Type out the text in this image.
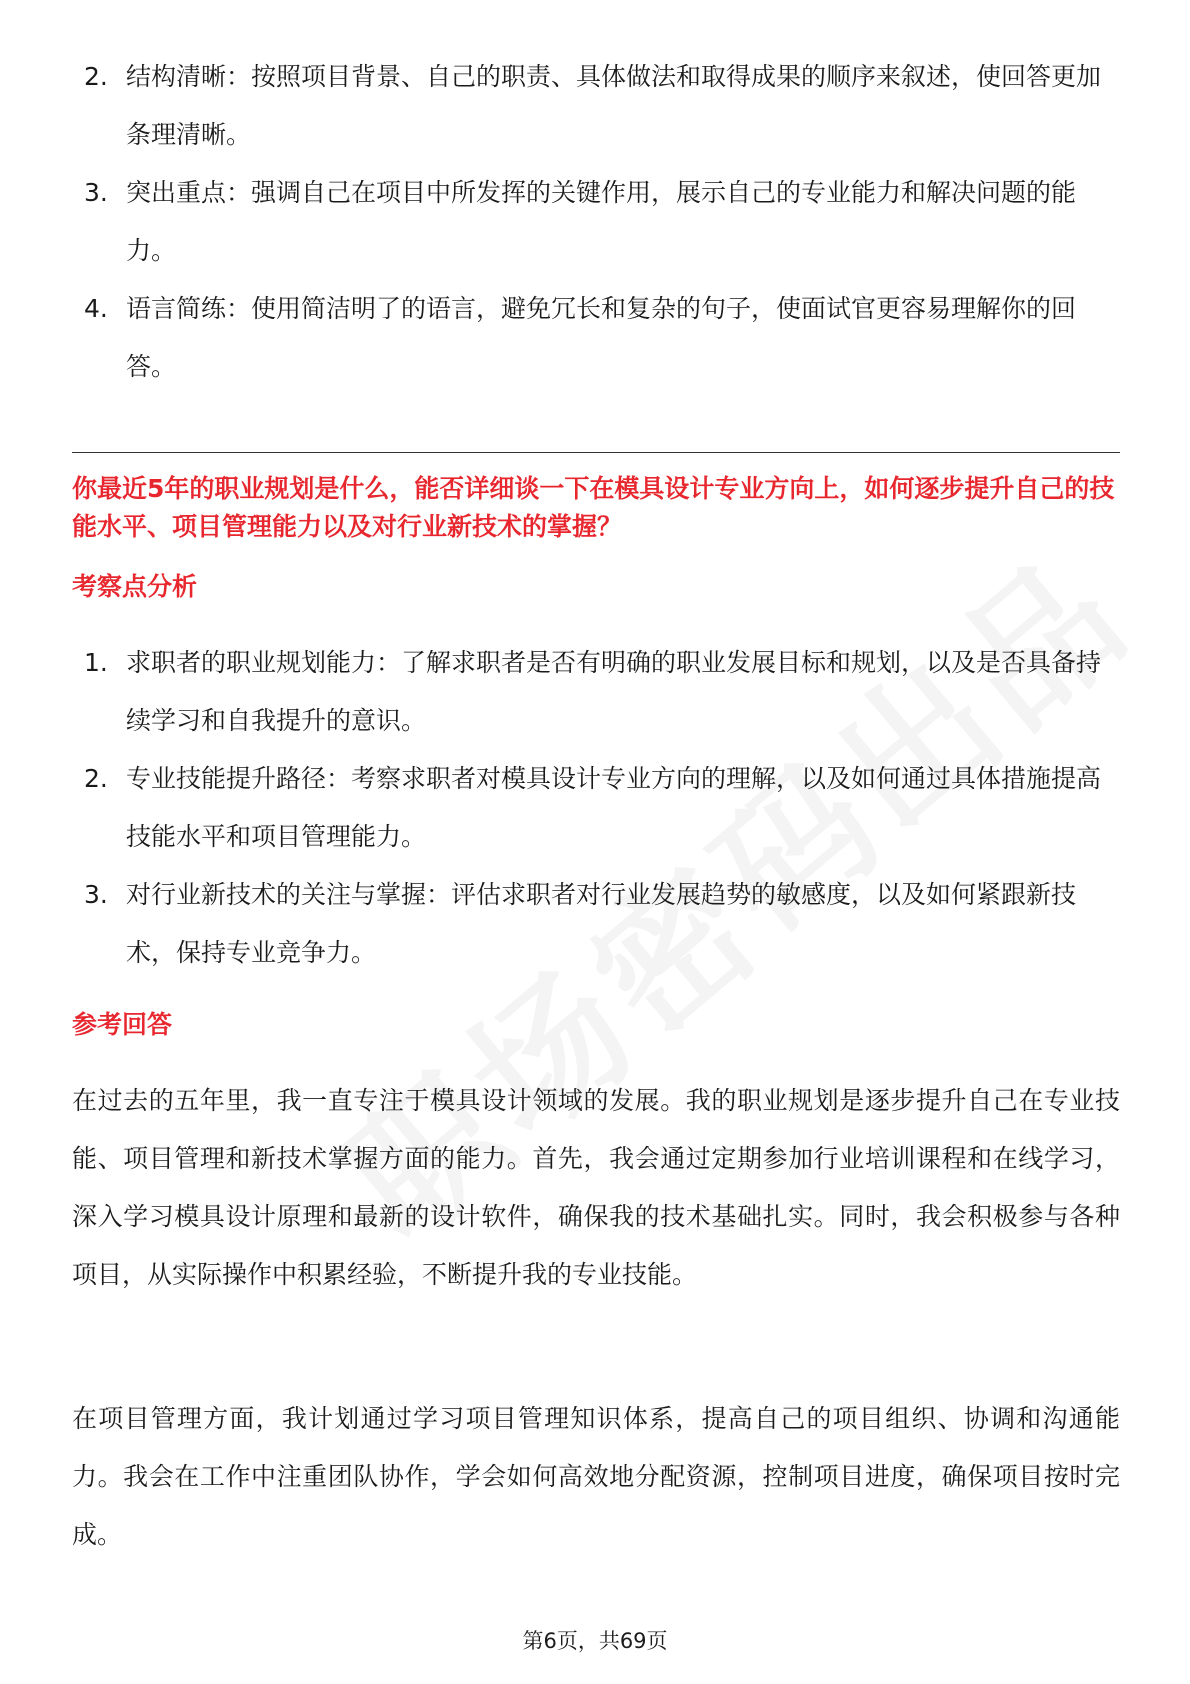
2. 结构清晰：按照项目背景、自己的职责、具体做法和取得成果的顺序来叙述，使回答更加条理清晰。
3. 突出重点：强调自己在项目中所发挥的关键作用，展示自己的专业能力和解决问题的能力。
4. 语言简练：使用简洁明了的语言，避免冗长和复杂的句子，使面试官更容易理解你的回答。
你最近5年的职业规划是什么，能否详细谈一下在模具设计专业方向上，如何逐步提升自己的技能水平、项目管理能力以及对行业新技术的掌握？
考察点分析
1. 求职者的职业规划能力：了解求职者是否有明确的职业发展目标和规划，以及是否具备持续学习和自我提升的意识。
2. 专业技能提升路径：考察求职者对模具设计专业方向的理解，以及如何通过具体措施提高技能水平和项目管理能力。
3. 对行业新技术的关注与掌握：评估求职者对行业发展趋势的敏感度，以及如何紧跟新技术，保持专业竞争力。
参考回答
在过去的五年里，我一直专注于模具设计领域的发展。我的职业规划是逐步提升自己在专业技能、项目管理和新技术掌握方面的能力。首先，我会通过定期参加行业培训课程和在线学习，深入学习模具设计原理和最新的设计软件，确保我的技术基础扎实。同时，我会积极参与各种项目，从实际操作中积累经验，不断提升我的专业技能。
在项目管理方面，我计划通过学习项目管理知识体系，提高自己的项目组织、协调和沟通能力。我会在工作中注重团队协作，学会如何高效地分配资源，控制项目进度，确保项目按时完成。
第6页，共69页
